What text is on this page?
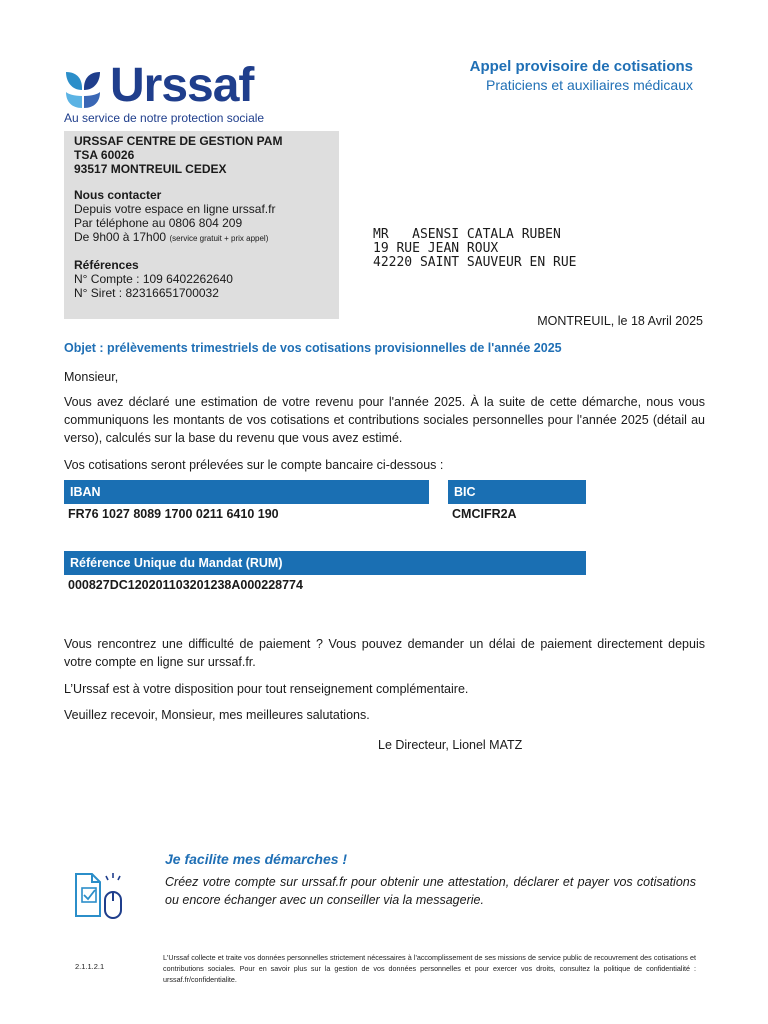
Urssaf
Au service de notre protection sociale
Appel provisoire de cotisations
Praticiens et auxiliaires médicaux
URSSAF CENTRE DE GESTION PAM
TSA 60026
93517 MONTREUIL CEDEX
Nous contacter
Depuis votre espace en ligne urssaf.fr
Par téléphone au 0806 804 209
De 9h00 à 17h00 (service gratuit + prix appel)
Références
N° Compte : 109 6402262640
N° Siret : 82316651700032
MR   ASENSI CATALA RUBEN
19 RUE JEAN ROUX
42220 SAINT SAUVEUR EN RUE
MONTREUIL, le 18 Avril 2025
Objet : prélèvements trimestriels de vos cotisations provisionnelles de l'année 2025
Monsieur,
Vous avez déclaré une estimation de votre revenu pour l'année 2025. À la suite de cette démarche, nous vous communiquons les montants de vos cotisations et contributions sociales personnelles pour l'année 2025 (détail au verso), calculés sur la base du revenu que vous avez estimé.
Vos cotisations seront prélevées sur le compte bancaire ci-dessous :
IBAN
FR76 1027 8089 1700 0211 6410 190
BIC
CMCIFR2A
Référence Unique du Mandat (RUM)
000827DC120201103201238A000228774
Vous rencontrez une difficulté de paiement ? Vous pouvez demander un délai de paiement directement depuis votre compte en ligne sur urssaf.fr.
L’Urssaf est à votre disposition pour tout renseignement complémentaire.
Veuillez recevoir, Monsieur, mes meilleures salutations.
Le Directeur, Lionel MATZ
Je facilite mes démarches !
Créez votre compte sur urssaf.fr pour obtenir une attestation, déclarer et payer vos cotisations ou encore échanger avec un conseiller via la messagerie.
2.1.1.2.1
L'Urssaf collecte et traite vos données personnelles strictement nécessaires à l'accomplissement de ses missions de service public de recouvrement des cotisations et contributions sociales. Pour en savoir plus sur la gestion de vos données personnelles et pour exercer vos droits, consultez la politique de confidentialité : urssaf.fr/confidentialite.
